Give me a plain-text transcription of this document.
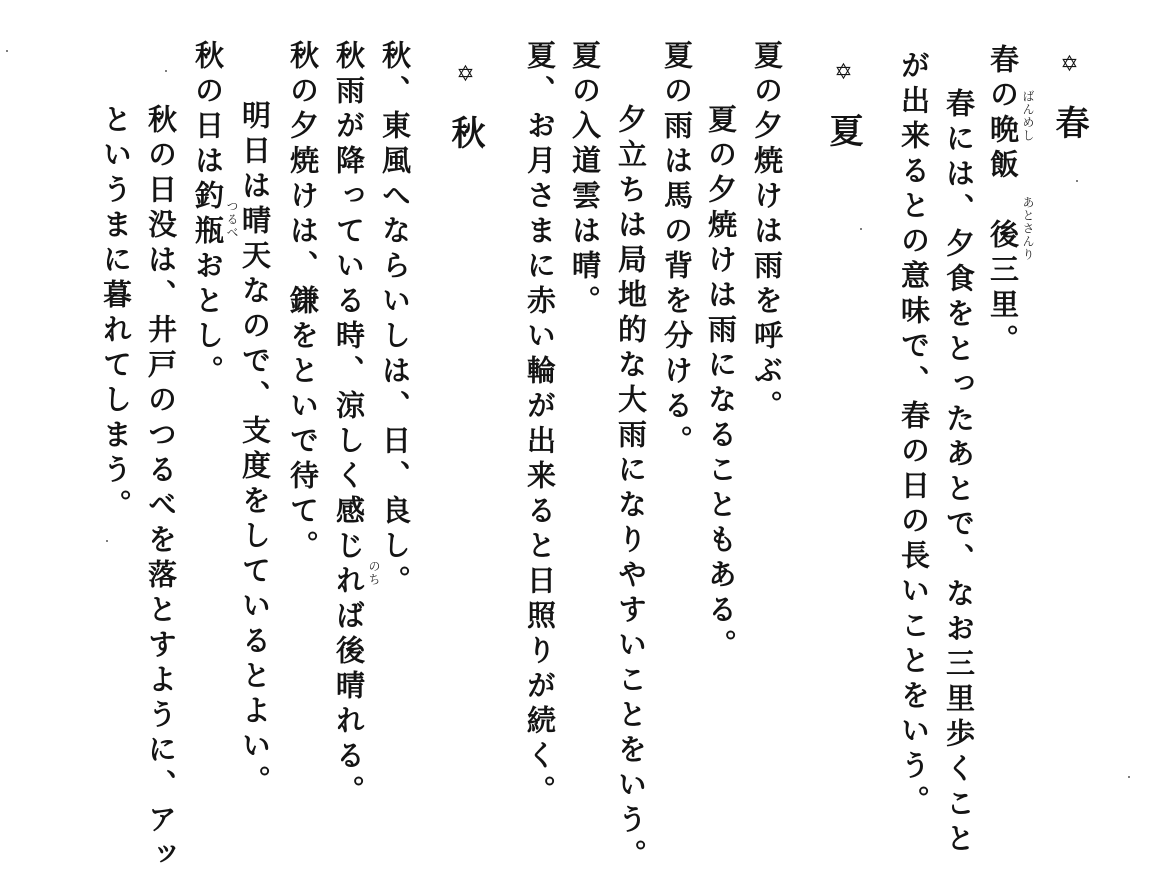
✡春
春の晩飯　後三里。 ばんめし
あとさんり
春には、夕食をとったあとで、なお三里歩くこと
が出来るとの意味で、春の日の長いことをいう。
✡夏
夏の夕焼けは雨を呼ぶ。
夏の夕焼けは雨になることもある。
夏の雨は馬の背を分ける。
夕立ちは局地的な大雨になりやすいことをいう。
夏の入道雲は晴。
夏、お月さまに赤い輪が出来ると日照りが続く。
✡秋
秋、東風へならいしは、日、良し。
秋雨が降っている時、涼しく感じれば後晴れる。 のち
秋の夕焼けは、鎌をといで待て。
明日は晴天なので、支度をしているとよい。
秋の日は釣瓶おとし。 つるべ
秋の日没は、井戸のつるべを落とすように、アッ
というまに暮れてしまう。
